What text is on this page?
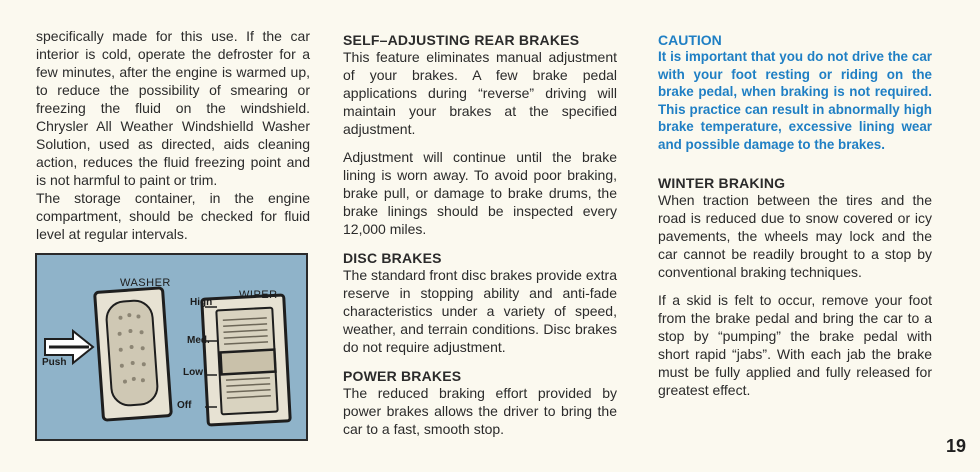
specifically made for this use. If the car interior is cold, operate the defroster for a few minutes, after the engine is warmed up, to reduce the possibility of smearing or freezing the fluid on the windshield. Chrysler All Weather Windshielld Washer Solution, used as directed, aids cleaning action, reduces the fluid freezing point and is not harmful to paint or trim.

The storage container, in the engine compartment, should be checked for fluid level at regular intervals.

WASHER
WIPER
Push
High
Med.
Low
Off
SELF–ADJUSTING REAR BRAKES

This feature eliminates manual adjustment of your brakes. A few brake pedal applications during “reverse” driving will maintain your brakes at the specified adjustment.

Adjustment will continue until the brake lining is worn away. To avoid poor braking, brake pull, or damage to brake drums, the brake linings should be inspected every 12,000 miles.

DISC BRAKES

The standard front disc brakes provide extra reserve in stopping ability and anti-fade characteristics under a variety of speed, weather, and terrain conditions. Disc brakes do not require adjustment.

POWER BRAKES

The reduced braking effort provided by power brakes allows the driver to bring the car to a fast, smooth stop.

CAUTION

It is important that you do not drive the car with your foot resting or riding on the brake pedal, when braking is not required. This practice can result in abnormally high brake temperature, excessive lining wear and possible damage to the brakes.

WINTER BRAKING

When traction between the tires and the road is reduced due to snow covered or icy pavements, the wheels may lock and the car cannot be readily brought to a stop by conventional braking techniques.

If a skid is felt to occur, remove your foot from the brake pedal and bring the car to a stop by “pumping” the brake pedal with short rapid “jabs”. With each jab the brake must be fully applied and fully released for greatest effect.

19
